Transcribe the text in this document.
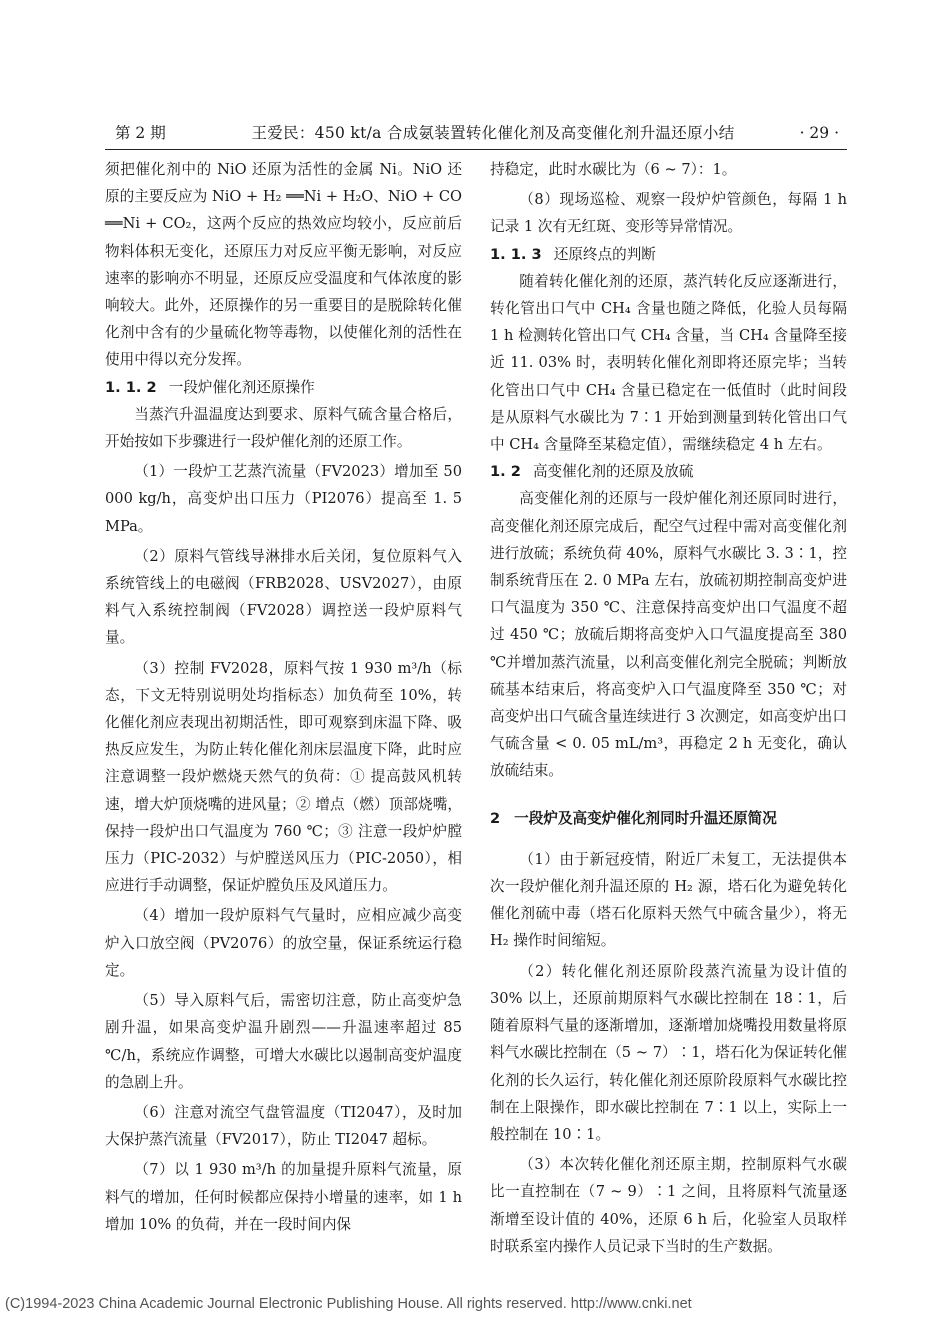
第 2 期	王爱民：450 kt/a 合成氨装置转化催化剂及高变催化剂升温还原小结	· 29 ·

须把催化剂中的 NiO 还原为活性的金属 Ni。NiO 还原的主要反应为 NiO + H₂ ══Ni + H₂O、NiO + CO ══Ni + CO₂，这两个反应的热效应均较小，反应前后物料体积无变化，还原压力对反应平衡无影响，对反应速率的影响亦不明显，还原反应受温度和气体浓度的影响较大。此外，还原操作的另一重要目的是脱除转化催化剂中含有的少量硫化物等毒物，以使催化剂的活性在使用中得以充分发挥。

1. 1. 2 一段炉催化剂还原操作

当蒸汽升温温度达到要求、原料气硫含量合格后，开始按如下步骤进行一段炉催化剂的还原工作。

（1）一段炉工艺蒸汽流量（FV2023）增加至 50 000 kg/h，高变炉出口压力（PI2076）提高至 1. 5 MPa。

（2）原料气管线导淋排水后关闭，复位原料气入系统管线上的电磁阀（FRB2028、USV2027），由原料气入系统控制阀（FV2028）调控送一段炉原料气量。

（3）控制 FV2028，原料气按 1 930 m³/h（标态，下文无特别说明处均指标态）加负荷至 10%，转化催化剂应表现出初期活性，即可观察到床温下降、吸热反应发生，为防止转化催化剂床层温度下降，此时应注意调整一段炉燃烧天然气的负荷：① 提高鼓风机转速，增大炉顶烧嘴的进风量；② 增点（燃）顶部烧嘴，保持一段炉出口气温度为 760 ℃；③ 注意一段炉炉膛压力（PIC-2032）与炉膛送风压力（PIC-2050），相应进行手动调整，保证炉膛负压及风道压力。

（4）增加一段炉原料气气量时，应相应减少高变炉入口放空阀（PV2076）的放空量，保证系统运行稳定。

（5）导入原料气后，需密切注意，防止高变炉急剧升温，如果高变炉温升剧烈——升温速率超过 85 ℃/h，系统应作调整，可增大水碳比以遏制高变炉温度的急剧上升。

（6）注意对流空气盘管温度（TI2047），及时加大保护蒸汽流量（FV2017），防止 TI2047 超标。

（7）以 1 930 m³/h 的加量提升原料气流量，原料气的增加，任何时候都应保持小增量的速率，如 1 h 增加 10% 的负荷，并在一段时间内保

持稳定，此时水碳比为（6 ~ 7）：1。

（8）现场巡检、观察一段炉炉管颜色，每隔 1 h 记录 1 次有无红斑、变形等异常情况。

1. 1. 3 还原终点的判断

随着转化催化剂的还原，蒸汽转化反应逐渐进行，转化管出口气中 CH₄ 含量也随之降低，化验人员每隔 1 h 检测转化管出口气 CH₄ 含量，当 CH₄ 含量降至接近 11. 03% 时，表明转化催化剂即将还原完毕；当转化管出口气中 CH₄ 含量已稳定在一低值时（此时间段是从原料气水碳比为 7∶1 开始到测量到转化管出口气中 CH₄ 含量降至某稳定值），需继续稳定 4 h 左右。

1. 2 高变催化剂的还原及放硫

高变催化剂的还原与一段炉催化剂还原同时进行，高变催化剂还原完成后，配空气过程中需对高变催化剂进行放硫；系统负荷 40%，原料气水碳比 3. 3∶1，控制系统背压在 2. 0 MPa 左右，放硫初期控制高变炉进口气温度为 350 ℃、注意保持高变炉出口气温度不超过 450 ℃；放硫后期将高变炉入口气温度提高至 380 ℃并增加蒸汽流量，以利高变催化剂完全脱硫；判断放硫基本结束后，将高变炉入口气温度降至 350 ℃；对高变炉出口气硫含量连续进行 3 次测定，如高变炉出口气硫含量 < 0. 05 mL/m³，再稳定 2 h 无变化，确认放硫结束。

2 一段炉及高变炉催化剂同时升温还原简况

（1）由于新冠疫情，附近厂未复工，无法提供本次一段炉催化剂升温还原的 H₂ 源，塔石化为避免转化催化剂硫中毒（塔石化原料天然气中硫含量少），将无 H₂ 操作时间缩短。

（2）转化催化剂还原阶段蒸汽流量为设计值的 30% 以上，还原前期原料气水碳比控制在 18∶1，后随着原料气量的逐渐增加，逐渐增加烧嘴投用数量将原料气水碳比控制在（5 ~ 7）∶1，塔石化为保证转化催化剂的长久运行，转化催化剂还原阶段原料气水碳比控制在上限操作，即水碳比控制在 7∶1 以上，实际上一般控制在 10∶1。

（3）本次转化催化剂还原主期，控制原料气水碳比一直控制在（7 ~ 9）∶1 之间，且将原料气流量逐渐增至设计值的 40%，还原 6 h 后，化验室人员取样时联系室内操作人员记录下当时的生产数据。

(C)1994-2023 China Academic Journal Electronic Publishing House. All rights reserved. http://www.cnki.net
